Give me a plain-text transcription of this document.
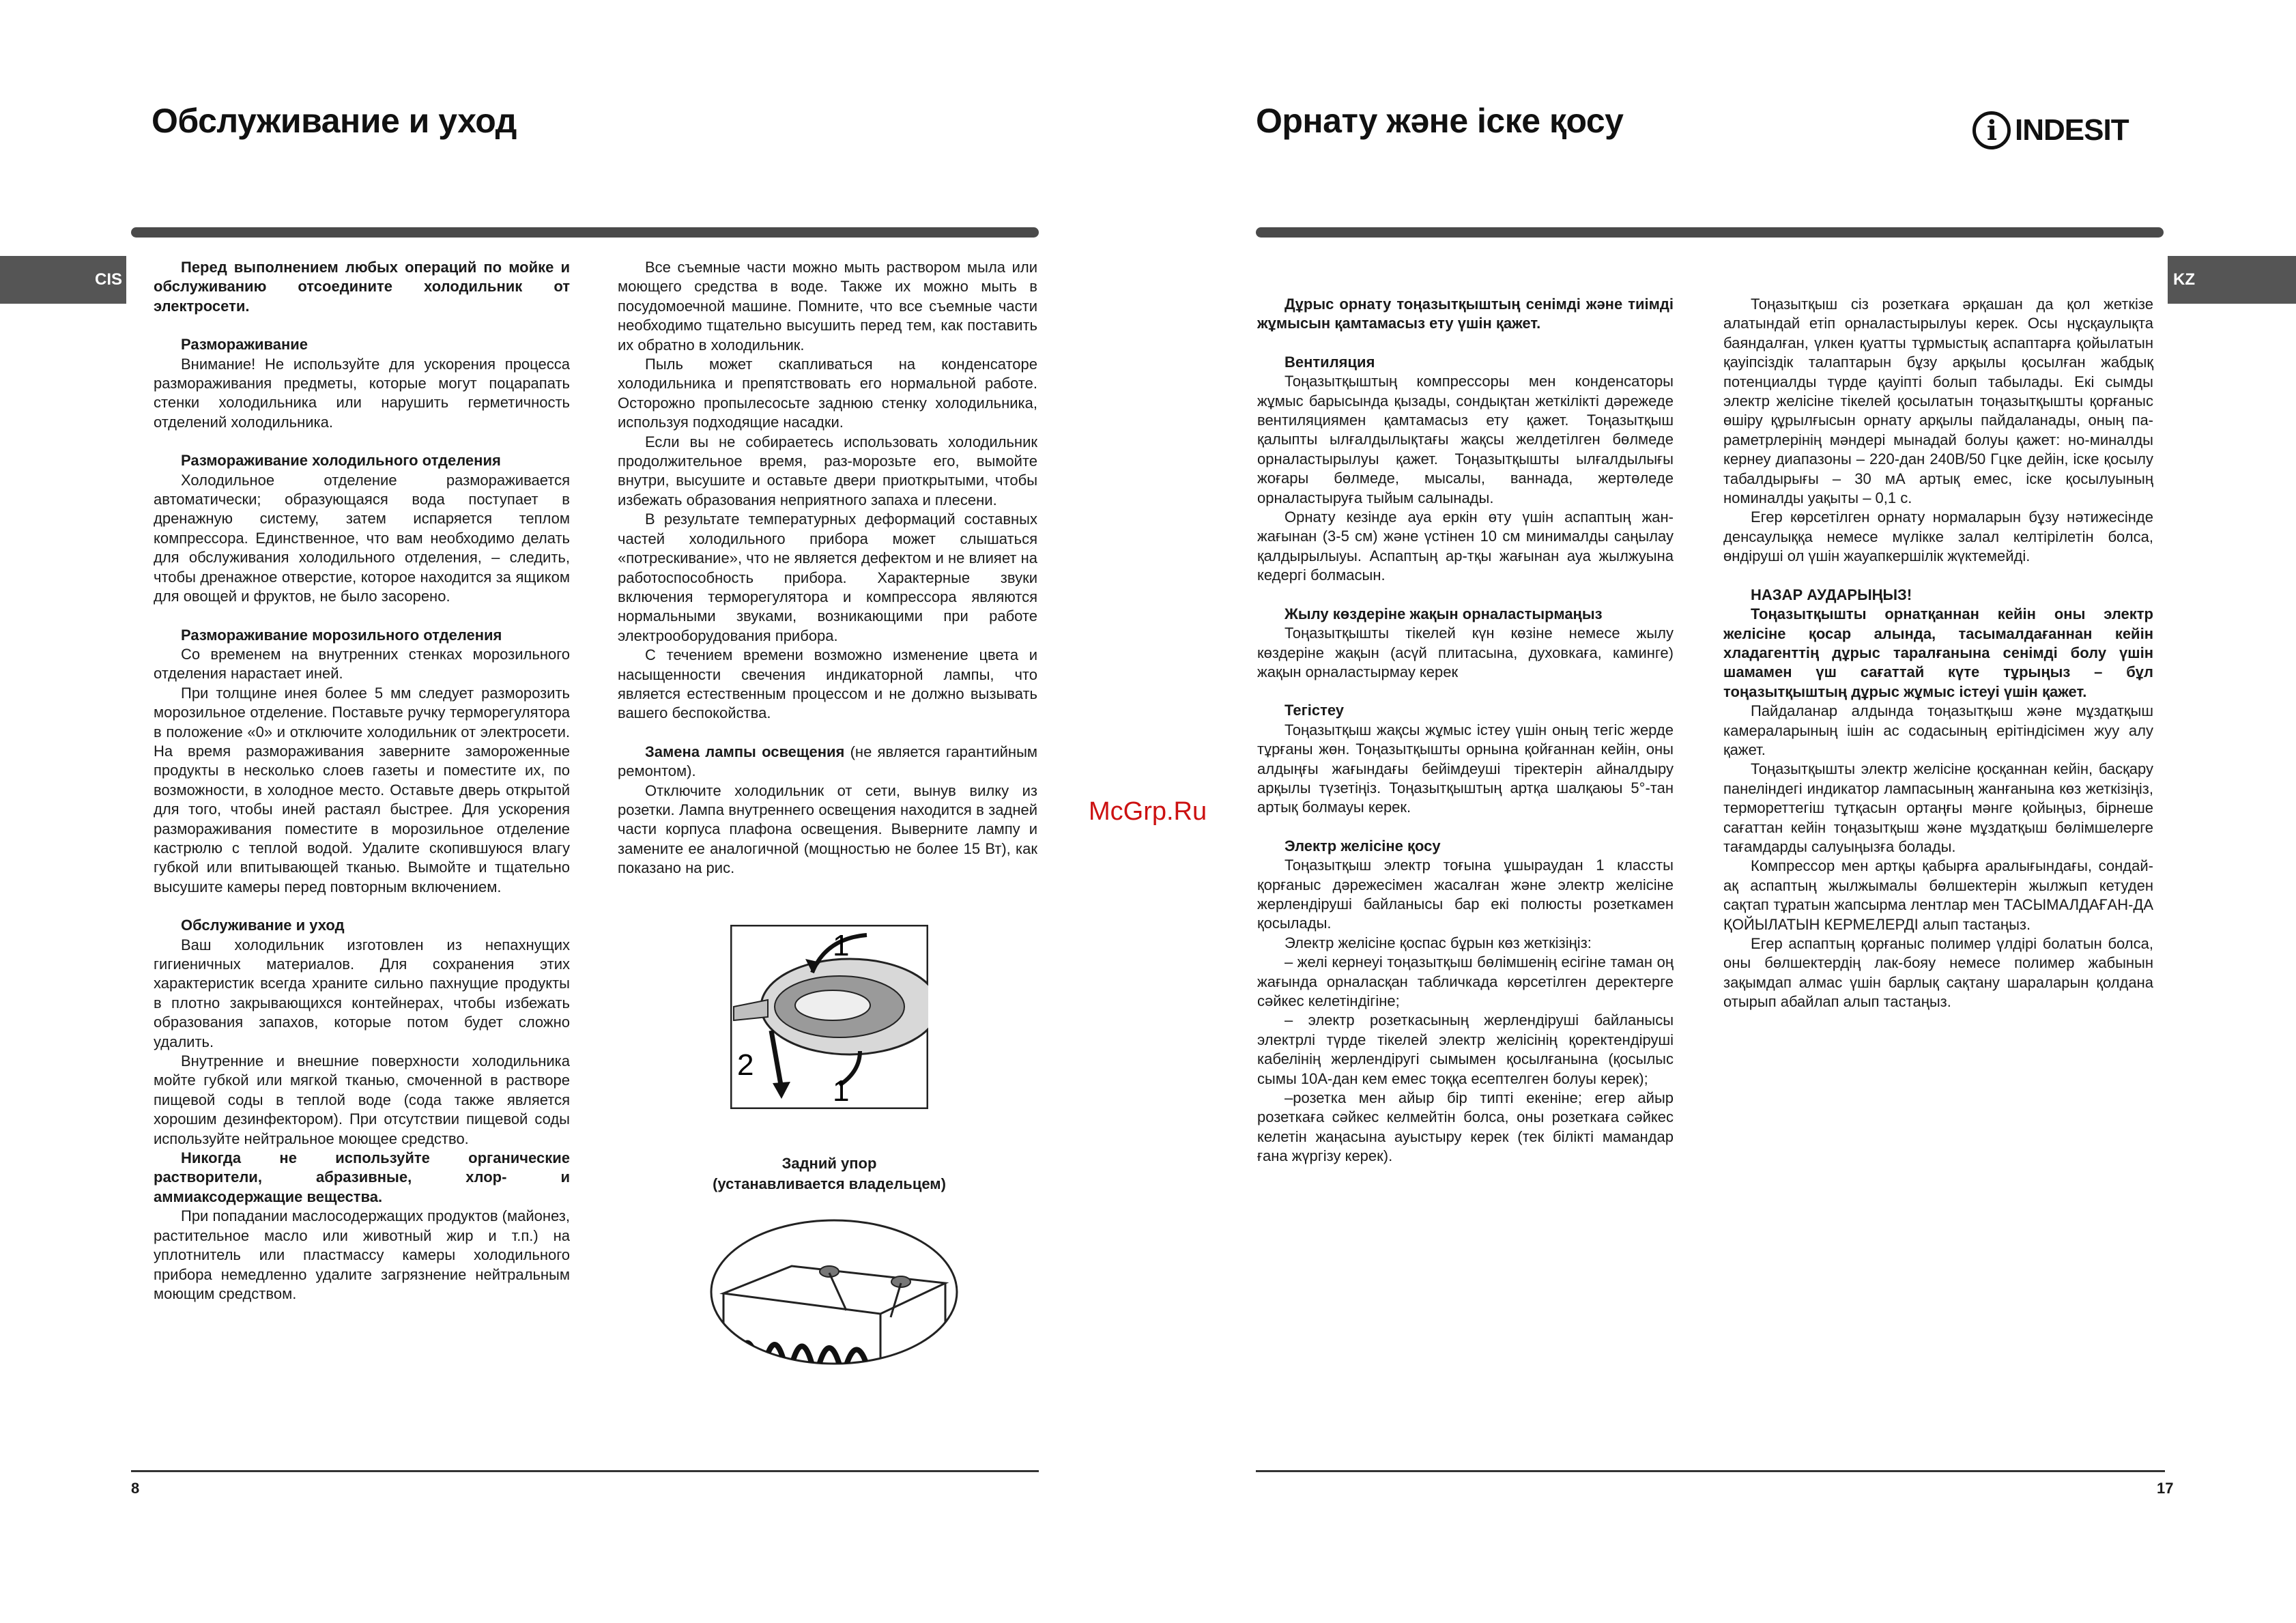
Обслуживание и уход
CIS

Перед выполнением любых операций по мойке и обслуживанию отсоедините холодильник от электросети.

Размораживание

Внимание! Не используйте для ускорения процесса размораживания предметы, которые могут поцарапать стенки холодильника или нарушить герметичность отделений холодильника.

Размораживание холодильного отделения

Холодильное отделение размораживается автоматически; образующаяся вода поступает в дренажную систему, затем испаряется теплом компрессора. Единственное, что вам необходимо делать для обслуживания холодильного отделения, – следить, чтобы дренажное отверстие, которое находится за ящиком для овощей и фруктов, не было засорено.

Размораживание морозильного отделения

Со временем на внутренних стенках морозильного отделения нарастает иней.

При толщине инея более 5 мм следует разморозить морозильное отделение. Поставьте ручку терморегулятора в положение «0» и отключите холодильник от электросети. На время размораживания заверните замороженные продукты в несколько слоев газеты и поместите их, по возможности, в холодное место. Оставьте дверь открытой для того, чтобы иней растаял быстрее. Для ускорения размораживания поместите в морозильное отделение кастрюлю с теплой водой. Удалите скопившуюся влагу губкой или впитывающей тканью. Вымойте и тщательно высушите камеры перед повторным включением.

Обслуживание и уход

Ваш холодильник изготовлен из непахнущих гигиеничных материалов. Для сохранения этих характеристик всегда храните сильно пахнущие продукты в плотно закрывающихся контейнерах, чтобы избежать образования запахов, которые потом будет сложно удалить.

Внутренние и внешние поверхности холодильника мойте губкой или мягкой тканью, смоченной в растворе пищевой соды в теплой воде (сода также является хорошим дезинфектором). При отсутствии пищевой соды используйте нейтральное моющее средство.

Никогда не используйте органические растворители, абразивные, хлор- и аммиаксодержащие вещества.

При попадании маслосодержащих продуктов (майонез, растительное масло или животный жир и т.п.) на уплотнитель или пластмассу камеры холодильного прибора немедленно удалите загрязнение нейтральным моющим средством.

Все съемные части можно мыть раствором мыла или моющего средства в воде. Также их можно мыть в посудомоечной машине. Помните, что все съемные части необходимо тщательно высушить перед тем, как поставить их обратно в холодильник.

Пыль может скапливаться на конденсаторе холодильника и препятствовать его нормальной работе. Осторожно пропылесосьте заднюю стенку холодильника, используя подходящие насадки.

Если вы не собираетесь использовать холодильник продолжительное время, раз-морозьте его, вымойте внутри, высушите и оставьте двери приоткрытыми, чтобы избежать образования неприятного запаха и плесени.

В результате температурных деформаций составных частей холодильного прибора может слышаться «потрескивание», что не является дефектом и не влияет на работоспособность прибора. Характерные звуки включения терморегулятора и компрессора являются нормальными звуками, возникающими при работе электрооборудования прибора.

С течением времени возможно изменение цвета и насыщенности свечения индикаторной лампы, что является естественным процессом и не должно вызывать вашего беспокойства.

Замена лампы освещения (не является гарантийным ремонтом).

Отключите холодильник от сети, вынув вилку из розетки. Лампа внутреннего освещения находится в задней части корпуса плафона освещения. Выверните лампу и замените ее аналогичной (мощностью не более 15 Вт), как показано на рис.

1
2
1
Задний упор
(устанавливается владельцем)
McGrp.Ru
8
Орнату және іске қосу	i INDESIT
KZ

Дұрыс орнату тоңазытқыштың сенімді және тиімді жұмысын қамтамасыз ету үшін қажет.

Вентиляция

Тоңазытқыштың компрессоры мен конденсаторы жұмыс барысында қызады, сондықтан жеткілікті дәрежеде вентиляциямен қамтамасыз ету қажет. Тоңазытқыш қалыпты ылғалдылықтағы жақсы желдетілген бөлмеде орналастырылуы қажет. Тоңазытқышты ылғалдылығы жоғары бөлмеде, мысалы, ваннада, жертөледе орналастыруға тыйым салынады.

Орнату кезінде ауа еркін өту үшін аспаптың жан-жағынан (3-5 см) және үстінен 10 см минималды саңылау қалдырылыуы. Аспаптың ар-тқы жағынан ауа жылжуына кедергі болмасын.

Жылу көздеріне жақын орналастырмаңыз

Тоңазытқышты тікелей күн көзіне немесе жылу көздеріне жақын (асүй плитасына, духовкаға, каминге) жақын орналастырмау керек

Тегістеу

Тоңазытқыш жақсы жұмыс істеу үшін оның тегіс жерде тұрғаны жөн. Тоңазытқышты орнына қойғаннан кейін, оны алдыңғы жағындағы бейімдеуші тіректерін айналдыру арқылы түзетіңіз. Тоңазытқыштың артқа шалқаюы 5°-тан артық болмауы керек.

Электр желісіне қосу

Тоңазытқыш электр тоғына ұшыраудан 1 классты қорғаныс дәрежесімен жасалған және электр желісіне жерлендіруші байланысы бар екі полюсты розеткамен қосылады.

Электр желісіне қоспас бұрын көз жеткізіңіз:

– желі кернеуі тоңазытқыш бөлімшенің есігіне таман оң жағында орналасқан табличкада көрсетілген деректерге сәйкес келетіндігіне;

– электр розеткасының жерлендіруші байланысы электрлі түрде тікелей электр желісінің қоректендіруші кабелінің жерлендіругі сымымен қосылғанына (қосылыс сымы 10А-дан кем емес тоққа есептелген болуы керек);

–розетка мен айыр бір типті екеніне; егер айыр розеткаға сәйкес келмейтін болса, оны розеткаға сәйкес келетін жаңасына ауыстыру керек (тек білікті мамандар ғана жүргізу керек).

Тоңазытқыш сіз розеткаға әрқашан да қол жеткізе алатындай етіп орналастырылуы керек. Осы нұсқаулықта баяндалған, үлкен қуатты тұрмыстық аспаптарға қойылатын қауіпсіздік талаптарын бұзу арқылы қосылған жабдық потенциалды түрде қауіпті болып табылады. Екі сымды электр желісіне тікелей қосылатын тоңазытқышты қорғаныс өшіру құрылғысын орнату арқылы пайдаланады, оның па-раметрлерінің мәндері мынадай болуы қажет: но-миналды кернеу диапазоны – 220-дан 240В/50 Гцке дейін, іске қосылу табалдырығы – 30 мА артық емес, іске қосылуының номиналды уақыты – 0,1 с.

Егер көрсетілген орнату нормаларын бұзу нәтижесінде денсаулыққа немесе мүлікке залал келтірілетін болса, өндіруші ол үшін жауапкершілік жүктемейді.

НАЗАР АУДАРЫҢЫЗ!

Тоңазытқышты орнатқаннан кейін оны электр желісіне қосар алында, тасымалдағаннан кейін хладагенттің дұрыс таралғанына сенімді болу үшін шамамен үш сағаттай күте тұрыңыз – бұл тоңазытқыштың дұрыс жұмыс істеуі үшін қажет.

Пайдаланар алдында тоңазытқыш және мұздатқыш камераларының ішін ас содасының ерітіндісімен жуу алу қажет.

Тоңазытқышты электр желісіне қосқаннан кейін, басқару панеліндегі индикатор лампасының жанғанына көз жеткізіңіз, термореттегіш тұтқасын ортаңғы мәнге қойыңыз, бірнеше сағаттан кейін тоңазытқыш және мұздатқыш бөлімшелерге тағамдарды салуыңызға болады.

Компрессор мен артқы қабырға аралығындағы, сондай-ақ аспаптың жылжымалы бөлшектерін жылжып кетуден сақтап тұратын жапсырма лентлар мен ТАСЫМАЛДАҒАН-ДА ҚОЙЫЛАТЫН КЕРМЕЛЕРДІ алып тастаңыз.

Егер аспаптың қорғаныс полимер үлдірі болатын болса, оны бөлшектердің лак-бояу немесе полимер жабынын зақымдап алмас үшін барлық сақтану шараларын қолдана отырып абайлап алып тастаңыз.

17
